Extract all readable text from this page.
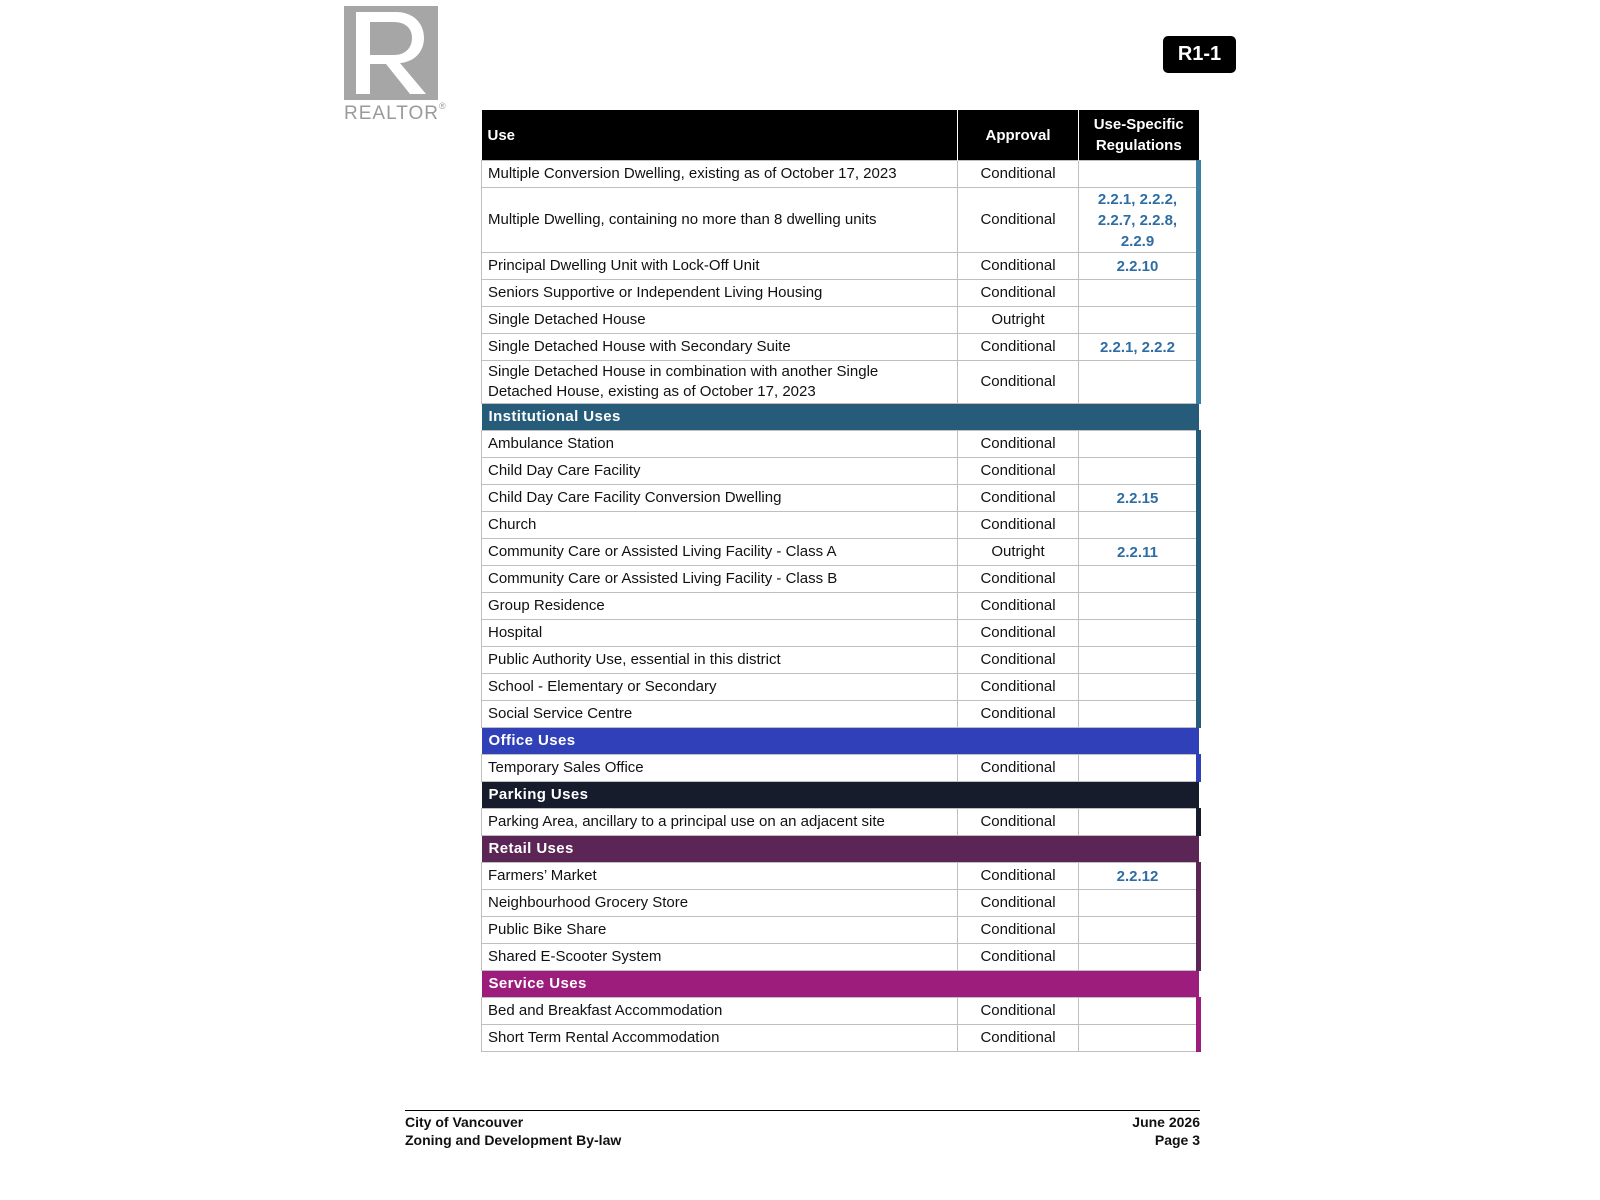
REALTOR®
R1-1
Use	Approval	Use-Specific
Regulations
Multiple Conversion Dwelling, existing as of October 17, 2023	Conditional	
Multiple Dwelling, containing no more than 8 dwelling units	Conditional	2.2.1, 2.2.2,
2.2.7, 2.2.8,
2.2.9

Principal Dwelling Unit with Lock-Off Unit	Conditional	2.2.10
Seniors Supportive or Independent Living Housing	Conditional	
Single Detached House	Outright	
Single Detached House with Secondary Suite	Conditional	2.2.1, 2.2.2
Single Detached House in combination with another Single
Detached House, existing as of October 17, 2023	Conditional	
Institutional Uses		
Ambulance Station	Conditional	
Child Day Care Facility	Conditional	
Child Day Care Facility Conversion Dwelling	Conditional	2.2.15
Church	Conditional	
Community Care or Assisted Living Facility - Class A	Outright	2.2.11
Community Care or Assisted Living Facility - Class B	Conditional	
Group Residence	Conditional	
Hospital	Conditional	
Public Authority Use, essential in this district	Conditional	
School - Elementary or Secondary	Conditional	
Social Service Centre	Conditional	
Office Uses		
Temporary Sales Office	Conditional	
Parking Uses		
Parking Area, ancillary to a principal use on an adjacent site	Conditional	
Retail Uses		
Farmers’ Market	Conditional	2.2.12
Neighbourhood Grocery Store	Conditional	
Public Bike Share	Conditional	
Shared E-Scooter System	Conditional	
Service Uses		
Bed and Breakfast Accommodation	Conditional	
Short Term Rental Accommodation	Conditional	
City of Vancouver
Zoning and Development By-law
June 2026
Page 3
